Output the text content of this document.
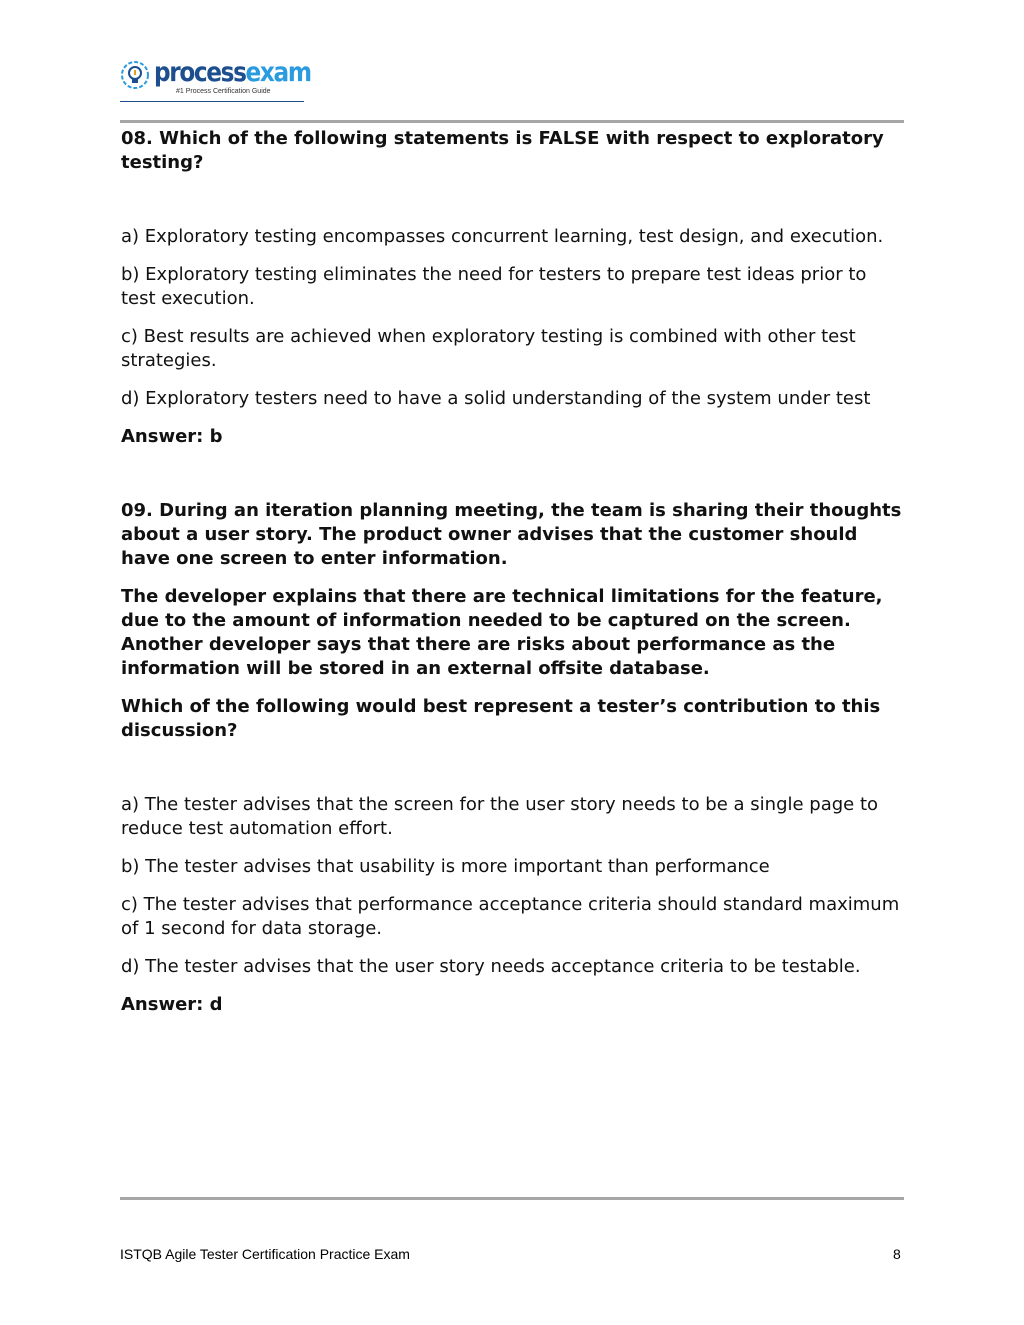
processexam
#1 Process Certification Guide

08. Which of the following statements is FALSE with respect to exploratory testing?

a) Exploratory testing encompasses concurrent learning, test design, and execution.

b) Exploratory testing eliminates the need for testers to prepare test ideas prior to test execution.

c) Best results are achieved when exploratory testing is combined with other test strategies.

d) Exploratory testers need to have a solid understanding of the system under test

Answer: b

09. During an iteration planning meeting, the team is sharing their thoughts about a user story. The product owner advises that the customer should have one screen to enter information.

The developer explains that there are technical limitations for the feature, due to the amount of information needed to be captured on the screen. Another developer says that there are risks about performance as the information will be stored in an external offsite database.

Which of the following would best represent a tester’s contribution to this discussion?

a) The tester advises that the screen for the user story needs to be a single page to reduce test automation effort.

b) The tester advises that usability is more important than performance

c) The tester advises that performance acceptance criteria should standard maximum of 1 second for data storage.

d) The tester advises that the user story needs acceptance criteria to be testable.

Answer: d

ISTQB Agile Tester Certification Practice Exam	8
